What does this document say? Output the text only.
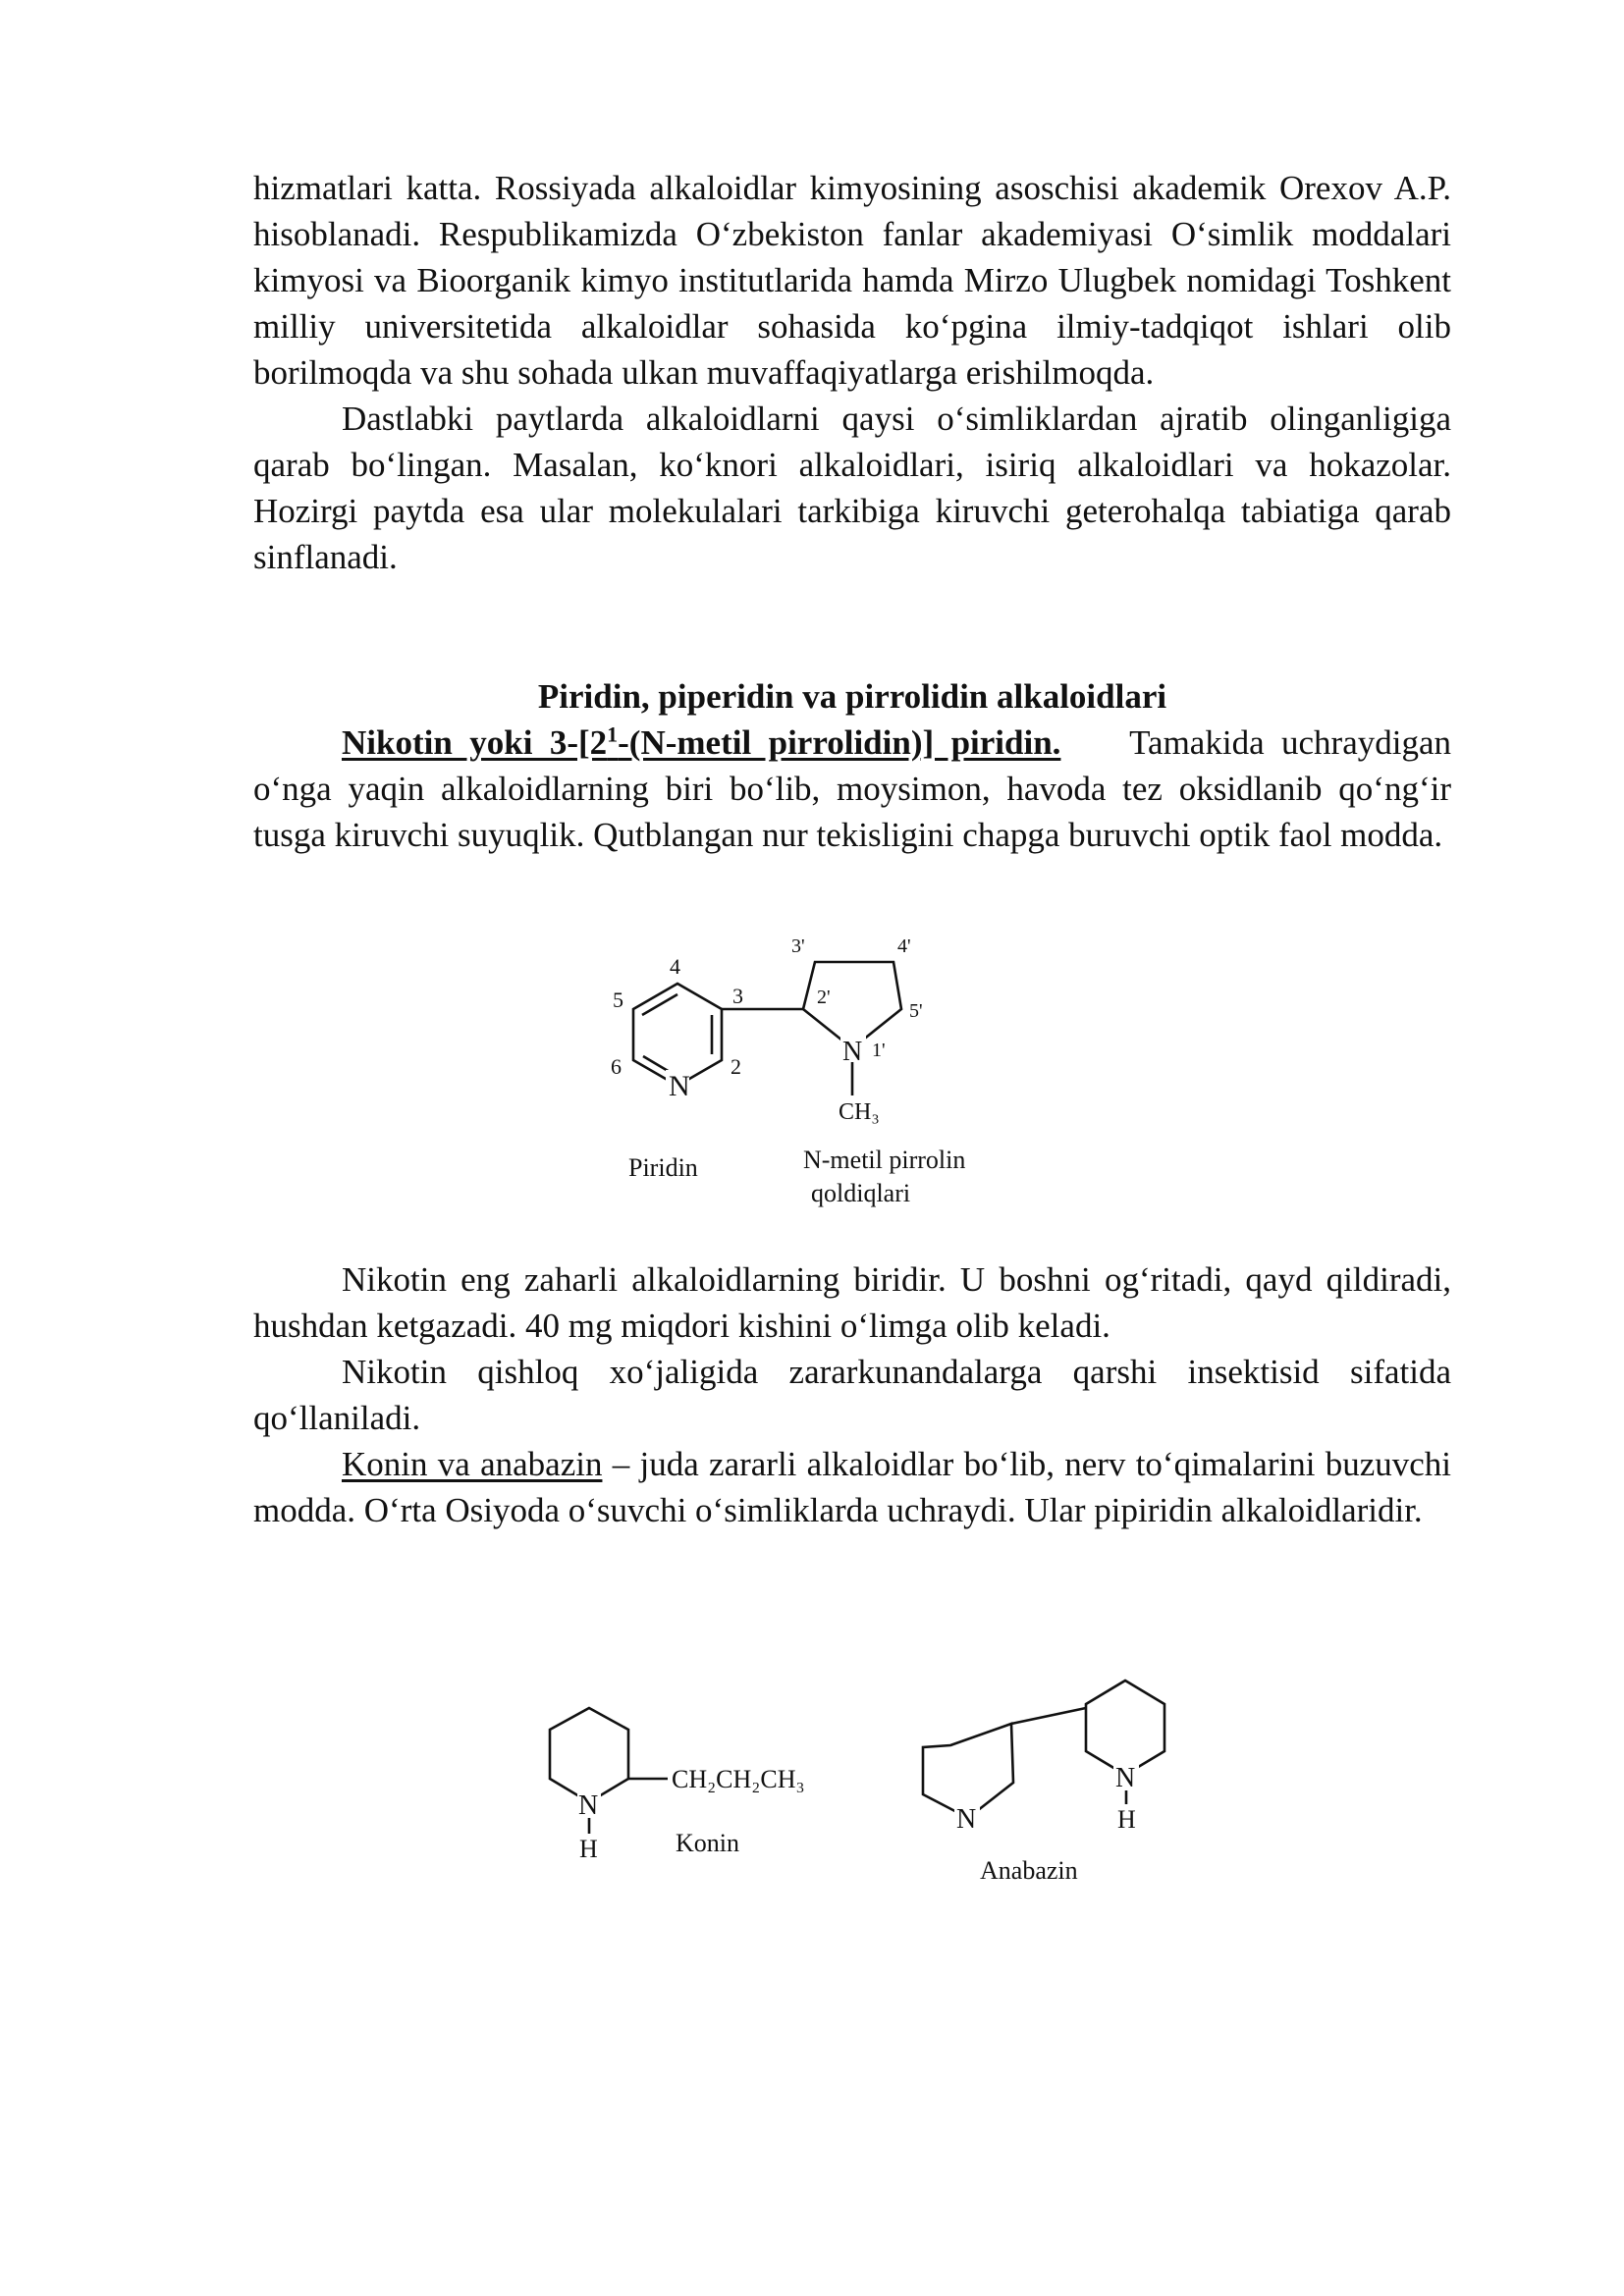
hizmatlari katta. Rossiyada alkaloidlar kimyosining asoschisi akademik Orexov A.P. hisoblanadi. Respublikamizda O‘zbekiston fanlar akademiyasi O‘simlik moddalari kimyosi va Bioorganik kimyo institutlarida hamda Mirzo Ulugbek nomidagi Toshkent milliy universitetida alkaloidlar sohasida ko‘pgina ilmiy-tadqiqot ishlari olib borilmoqda va shu sohada ulkan muvaffaqiyatlarga erishilmoqda.

Dastlabki paytlarda alkaloidlarni qaysi o‘simliklardan ajratib olinganligiga qarab bo‘lingan. Masalan, ko‘knori alkaloidlari, isiriq alkaloidlari va hokazolar. Hozirgi paytda esa ular molekulalari tarkibiga kiruvchi geterohalqa tabiatiga qarab sinflanadi.

Piridin, piperidin va pirrolidin alkaloidlari

Nikotin yoki $3-[2^1-(N$-metil pirrolidin)] piridin. Tamakida uchraydigan o‘nga yaqin alkaloidlarning biri bo‘lib, moysimon, havoda tez oksidlanib qo‘ng‘ir tusga kiruvchi suyuqlik. Qutblangan nur tekisligini chapga buruvchi optik faol modda.

N
N
CH₃
4
3
5
6	2
3'	4'
2'
5'
1'
Piridin	N-metil pirrolin
qoldiqlari

Nikotin eng zaharli alkaloidlarning biridir. U boshni og‘ritadi, qayd qildiradi, hushdan ketgazadi. 40 mg miqdori kishini o‘limga olib keladi.

Nikotin qishloq xo‘jaligida zararkunandalarga qarshi insektisid sifatida qo‘llaniladi.

Konin va anabazin – juda zararli alkaloidlar bo‘lib, nerv to‘qimalarini buzuvchi modda. O‘rta Osiyoda o‘suvchi o‘simliklarda uchraydi. Ular pipiridin alkaloidlaridir.

N
H
CH₂CH₂CH₃
Konin
N
H
N
Anabazin
